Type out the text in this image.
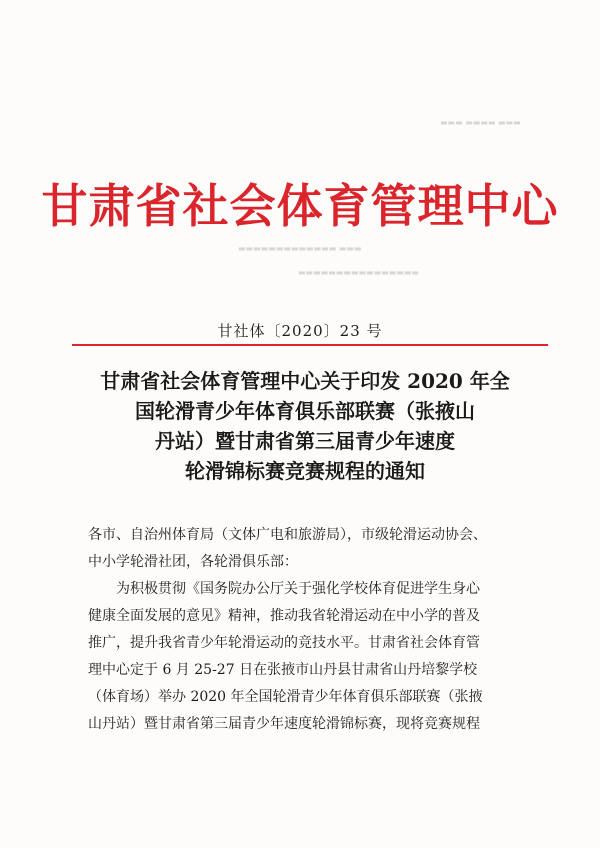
▬▬▬ ▬▬▬▬ ▬▬▬
▬▬▬▬▬▬▬▬▬▬▬▬▬ ▬▬▬
▬▬▬▬▬▬▬▬▬▬▬▬▬▬▬▬
甘肃省社会体育管理中心
甘社体〔2020〕23 号
甘肃省社会体育管理中心关于印发 2020 年全
国轮滑青少年体育俱乐部联赛（张掖山
丹站）暨甘肃省第三届青少年速度
轮滑锦标赛竞赛规程的通知

各市、自治州体育局（文体广电和旅游局），市级轮滑运动协会、

中小学轮滑社团，各轮滑俱乐部：

为积极贯彻《国务院办公厅关于强化学校体育促进学生身心

健康全面发展的意见》精神，推动我省轮滑运动在中小学的普及

推广，提升我省青少年轮滑运动的竞技水平。甘肃省社会体育管

理中心定于 6 月 25-27 日在张掖市山丹县甘肃省山丹培黎学校

（体育场）举办 2020 年全国轮滑青少年体育俱乐部联赛（张掖

山丹站）暨甘肃省第三届青少年速度轮滑锦标赛，现将竞赛规程
